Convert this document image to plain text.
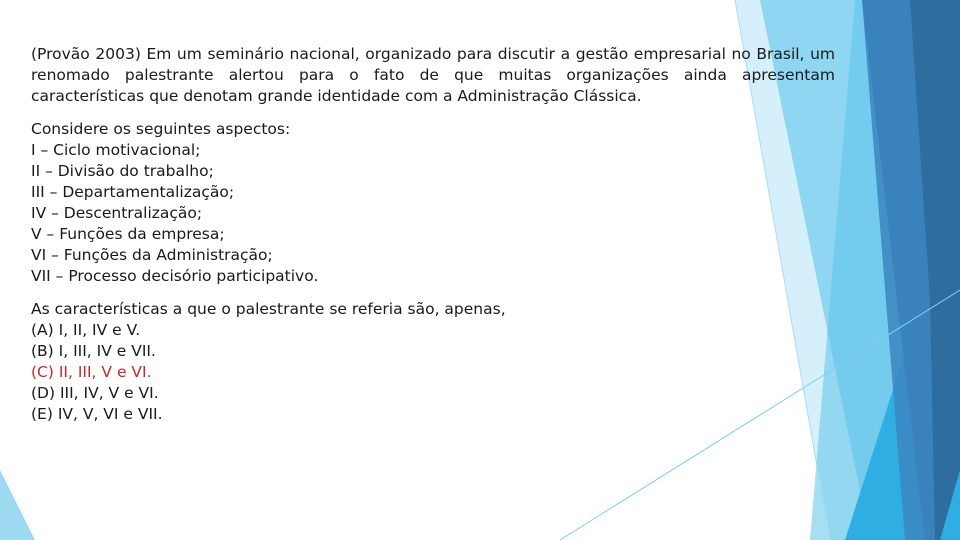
(Provão 2003) Em um seminário nacional, organizado para discutir a gestão empresarial no Brasil, um renomado palestrante alertou para o fato de que muitas organizações ainda apresentam características que denotam grande identidade com a Administração Clássica.

Considere os seguintes aspectos:
I – Ciclo motivacional;
II – Divisão do trabalho;
III – Departamentalização;
IV – Descentralização;
V – Funções da empresa;
VI – Funções da Administração;
VII – Processo decisório participativo.
As características a que o palestrante se referia são, apenas,
(A) I, II, IV e V.
(B) I, III, IV e VII.
(C) II, III, V e VI.
(D) III, IV, V e VI.
(E) IV, V, VI e VII.
